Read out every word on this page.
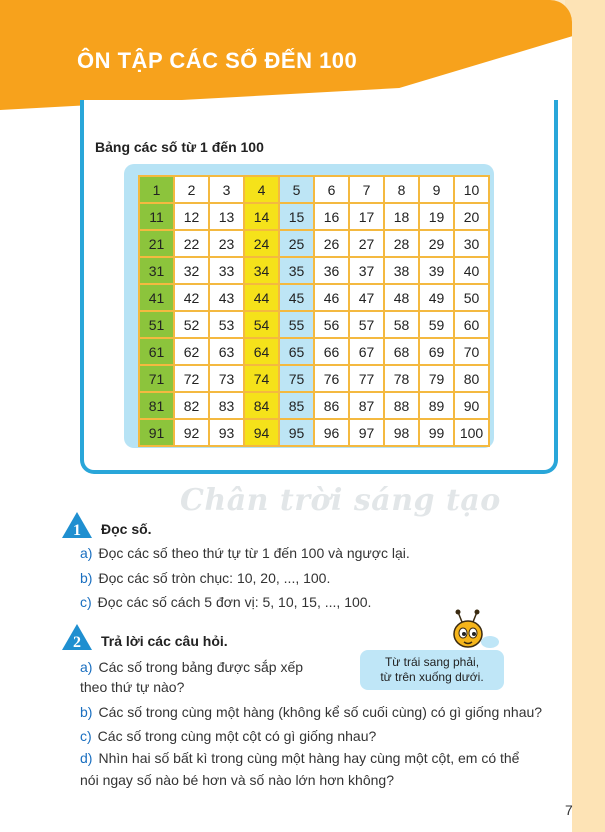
ÔN TẬP CÁC SỐ ĐẾN 100
Bảng các số từ 1 đến 100
1	2	3	4	5	6	7	8	9	10
11	12	13	14	15	16	17	18	19	20
21	22	23	24	25	26	27	28	29	30
31	32	33	34	35	36	37	38	39	40
41	42	43	44	45	46	47	48	49	50
51	52	53	54	55	56	57	58	59	60
61	62	63	64	65	66	67	68	69	70
71	72	73	74	75	76	77	78	79	80
81	82	83	84	85	86	87	88	89	90
91	92	93	94	95	96	97	98	99	100
Chân trời sáng tạo
1 Đọc số.
a) Đọc các số theo thứ tự từ 1 đến 100 và ngược lại.
b) Đọc các số tròn chục: 10, 20, ..., 100.
c) Đọc các số cách 5 đơn vị: 5, 10, 15, ..., 100.
2 Trả lời các câu hỏi.
a) Các số trong bảng được sắp xếp
theo thứ tự nào?
b) Các số trong cùng một hàng (không kể số cuối cùng) có gì giống nhau?
c) Các số trong cùng một cột có gì giống nhau?
d) Nhìn hai số bất kì trong cùng một hàng hay cùng một cột, em có thể
nói ngay số nào bé hơn và số nào lớn hơn không?
Từ trái sang phải,
từ trên xuống dưới.
7
